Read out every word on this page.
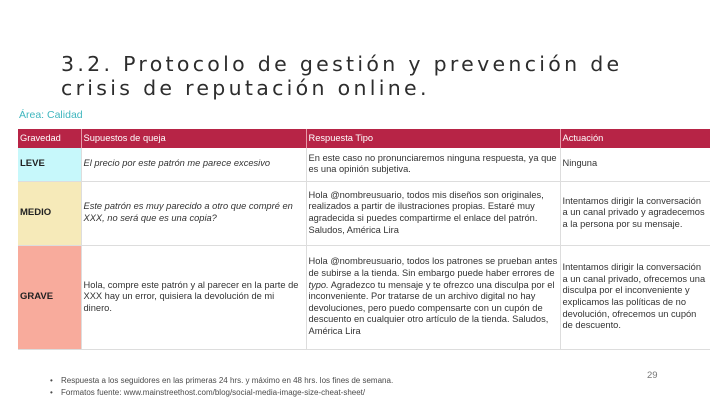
3.2. Protocolo de gestión y prevención de
crisis de reputación online.
Área: Calidad
Gravedad	Supuestos de queja	Respuesta Tipo	Actuación
LEVE	El precio por este patrón me parece excesivo	En este caso no pronunciaremos ninguna respuesta, ya que es una opinión subjetiva.	Ninguna
MEDIO	Este patrón es muy parecido a otro que compré en XXX, no será que es una copia?	Hola @nombreusuario, todos mis diseños son originales, realizados a partir de ilustraciones propias. Estaré muy agradecida si puedes compartirme el enlace del patrón. Saludos, América Lira	Intentamos dirigir la conversación a un canal privado y agradecemos a la persona por su mensaje.
GRAVE	Hola, compre este patrón y al parecer en la parte de XXX hay un error, quisiera la devolución de mi dinero.	Hola @nombreusuario, todos los patrones se prueban antes de subirse a la tienda. Sin embargo puede haber errores de typo. Agradezco tu mensaje y te ofrezco una disculpa por el inconveniente. Por tratarse de un archivo digital no hay devoluciones, pero puedo compensarte con un cupón de descuento en cualquier otro artículo de la tienda. Saludos, América Lira	Intentamos dirigir la conversación a un canal privado, ofrecemos una disculpa por el inconveniente y explicamos las políticas de no devolución, ofrecemos un cupón de descuento.
29
• Respuesta a los seguidores en las primeras 24 hrs. y máximo en 48 hrs. los fines de semana.
• Formatos fuente: www.mainstreethost.com/blog/social-media-image-size-cheat-sheet/
